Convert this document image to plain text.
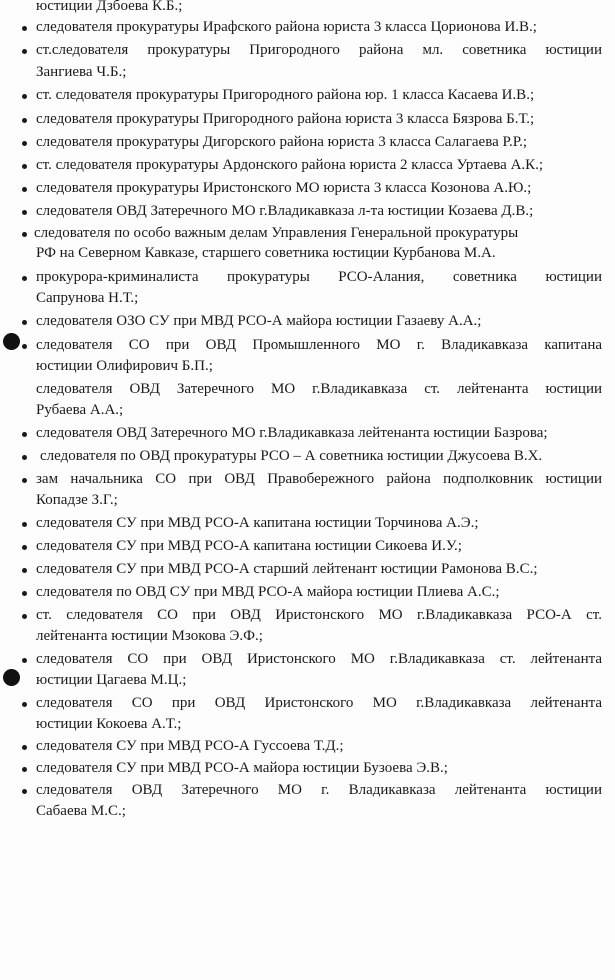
юстиции Дзбоева К.Б.;
следователя прокуратуры Ирафского района юриста 3 класса Цорионова И.В.;
ст.следователя прокуратуры Пригородного района мл. советника юстиции
Зангиева Ч.Б.;
ст. следователя прокуратуры Пригородного района юр. 1 класса Касаева И.В.;
следователя прокуратуры Пригородного района юриста 3 класса Бязрова Б.Т.;
следователя прокуратуры Дигорского района юриста 3 класса Салагаева Р.Р.;
ст. следователя прокуратуры Ардонского района юриста 2 класса Уртаева А.К.;
следователя прокуратуры Иристонского МО юриста 3 класса Козонова А.Ю.;
следователя ОВД Затеречного МО г.Владикавказа л-та юстиции Козаева Д.В.;
следователя по особо важным делам Управления Генеральной прокуратуры
РФ на Северном Кавказе, старшего советника юстиции Курбанова М.А.
прокурора-криминалиста прокуратуры РСО-Алания, советника юстиции
Сапрунова Н.Т.;
следователя ОЗО СУ при МВД РСО-А майора юстиции Газаеву А.А.;
следователя СО при ОВД Промышленного МО г. Владикавказа капитана
юстиции Олифирович Б.П.;
следователя ОВД Затеречного МО г.Владикавказа ст. лейтенанта юстиции
Рубаева А.А.;
следователя ОВД Затеречного МО г.Владикавказа лейтенанта юстиции Базрова;
следователя по ОВД прокуратуры РСО – А советника юстиции Джусоева В.Х.
зам начальника СО при ОВД Правобережного района подполковник юстиции
Копадзе З.Г.;
следователя СУ при МВД РСО-А капитана юстиции Торчинова А.Э.;
следователя СУ при МВД РСО-А капитана юстиции Сикоева И.У.;
следователя СУ при МВД РСО-А старший лейтенант юстиции Рамонова В.С.;
следователя по ОВД СУ при МВД РСО-А майора юстиции Плиева А.С.;
ст. следователя СО при ОВД Иристонского МО г.Владикавказа РСО-А ст.
лейтенанта юстиции Мзокова Э.Ф.;
следователя СО при ОВД Иристонского МО г.Владикавказа ст. лейтенанта
юстиции Цагаева М.Ц.;
следователя СО при ОВД Иристонского МО г.Владикавказа лейтенанта
юстиции Кокоева А.Т.;
следователя СУ при МВД РСО-А Гуссоева Т.Д.;
следователя СУ при МВД РСО-А майора юстиции Бузоева Э.В.;
следователя ОВД Затеречного МО г. Владикавказа лейтенанта юстиции
Сабаева М.С.;
